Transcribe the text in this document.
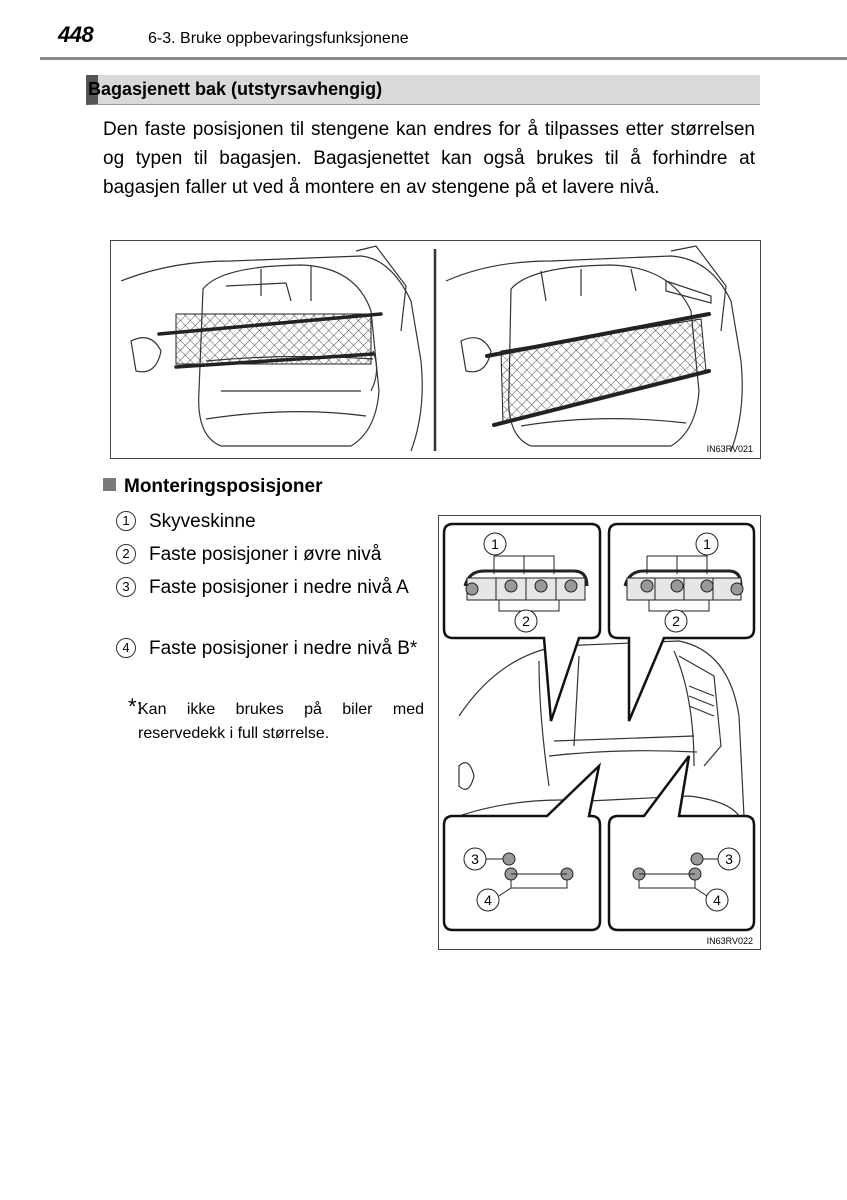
448	6-3. Bruke oppbevaringsfunksjonene
Bagasjenett bak (utstyrsavhengig)
Den faste posisjonen til stengene kan endres for å tilpasses etter størrelsen og typen til bagasjen. Bagasjenettet kan også brukes til å forhindre at bagasjen faller ut ved å montere en av stengene på et lavere nivå.
IN63RV021
Monteringsposisjoner
1 Skyveskinne
2 Faste posisjoner i øvre nivå
3 Faste posisjoner i nedre nivå A
4 Faste posisjoner i nedre nivå B*
*:
Kan ikke brukes på biler med reservedekk i full størrelse.
1
2
1
2
3
4
3
4
IN63RV022
